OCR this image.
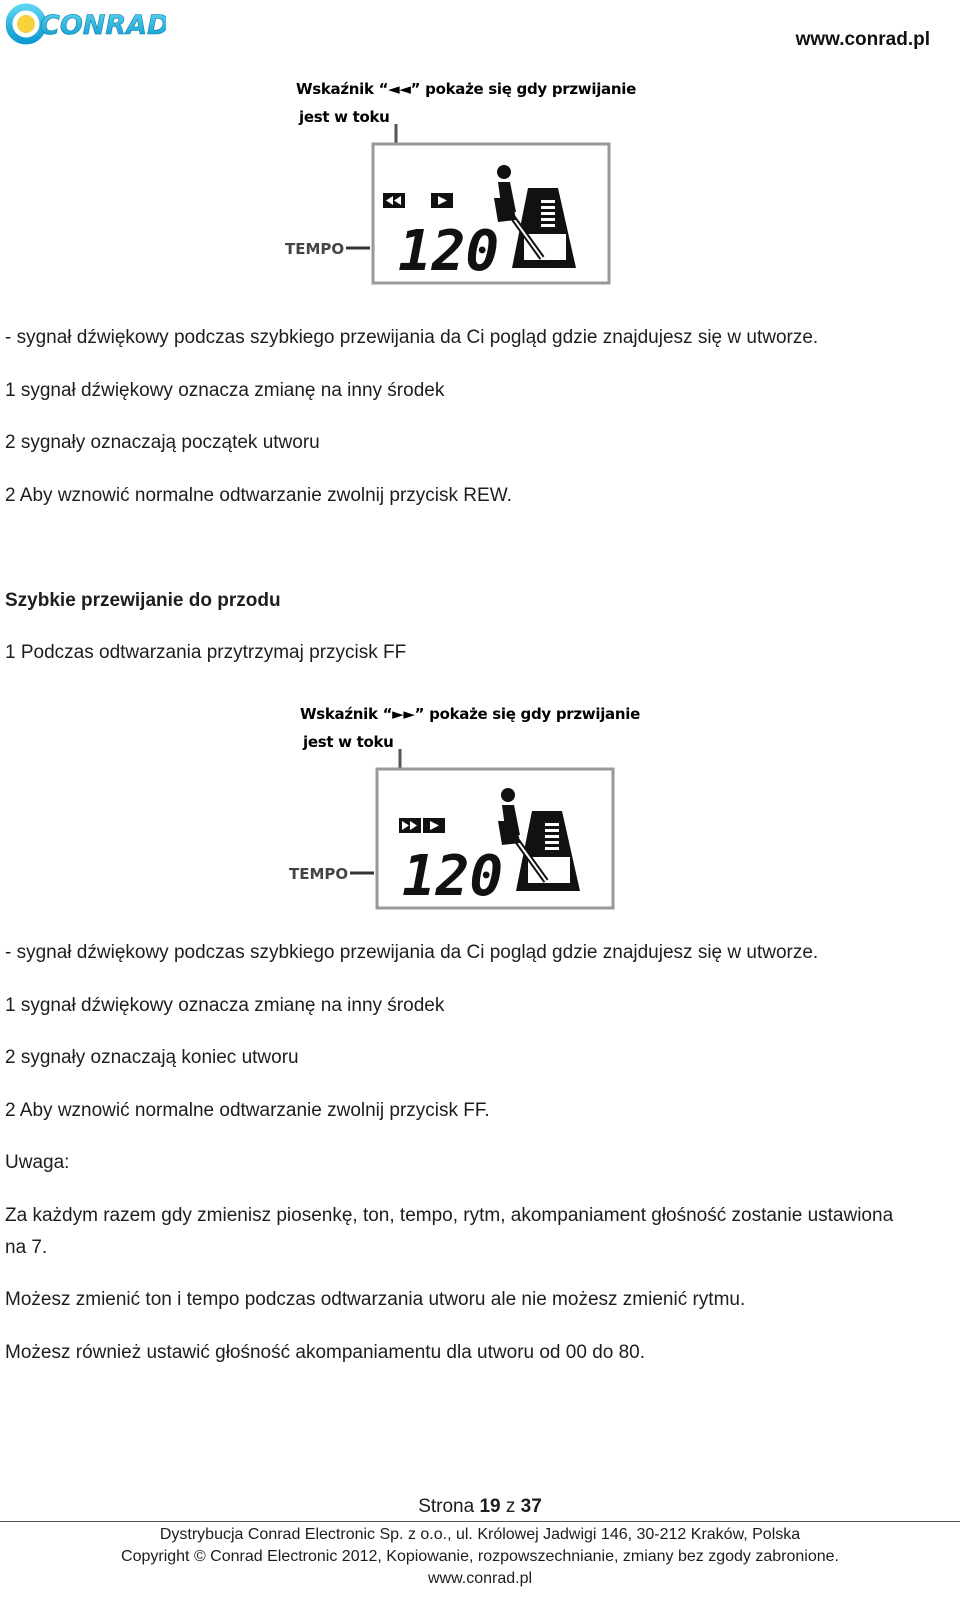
CONRAD	www.conrad.pl
Wskaźnik “◄◄” pokaże się gdy przwijanie
jest w toku
TEMPO 120
- sygnał dźwiękowy podczas szybkiego przewijania da Ci pogląd gdzie znajdujesz się w utworze.
1 sygnał dźwiękowy oznacza zmianę na inny środek
2 sygnały oznaczają początek utworu
2 Aby wznowić normalne odtwarzanie zwolnij przycisk REW.
Szybkie przewijanie do przodu
1 Podczas odtwarzania przytrzymaj przycisk FF
Wskaźnik “►►” pokaże się gdy przwijanie
jest w toku
TEMPO 120
- sygnał dźwiękowy podczas szybkiego przewijania da Ci pogląd gdzie znajdujesz się w utworze.
1 sygnał dźwiękowy oznacza zmianę na inny środek
2 sygnały oznaczają koniec utworu
2 Aby wznowić normalne odtwarzanie zwolnij przycisk FF.
Uwaga:
Za każdym razem gdy zmienisz piosenkę, ton, tempo, rytm, akompaniament głośność zostanie ustawiona na 7.
Możesz zmienić ton i tempo podczas odtwarzania utworu ale nie możesz zmienić rytmu.
Możesz również ustawić głośność akompaniamentu dla utworu od 00 do 80.
Strona 19 z 37
Dystrybucja Conrad Electronic Sp. z o.o., ul. Królowej Jadwigi 146, 30-212 Kraków, Polska
Copyright © Conrad Electronic 2012, Kopiowanie, rozpowszechnianie, zmiany bez zgody zabronione.
www.conrad.pl
